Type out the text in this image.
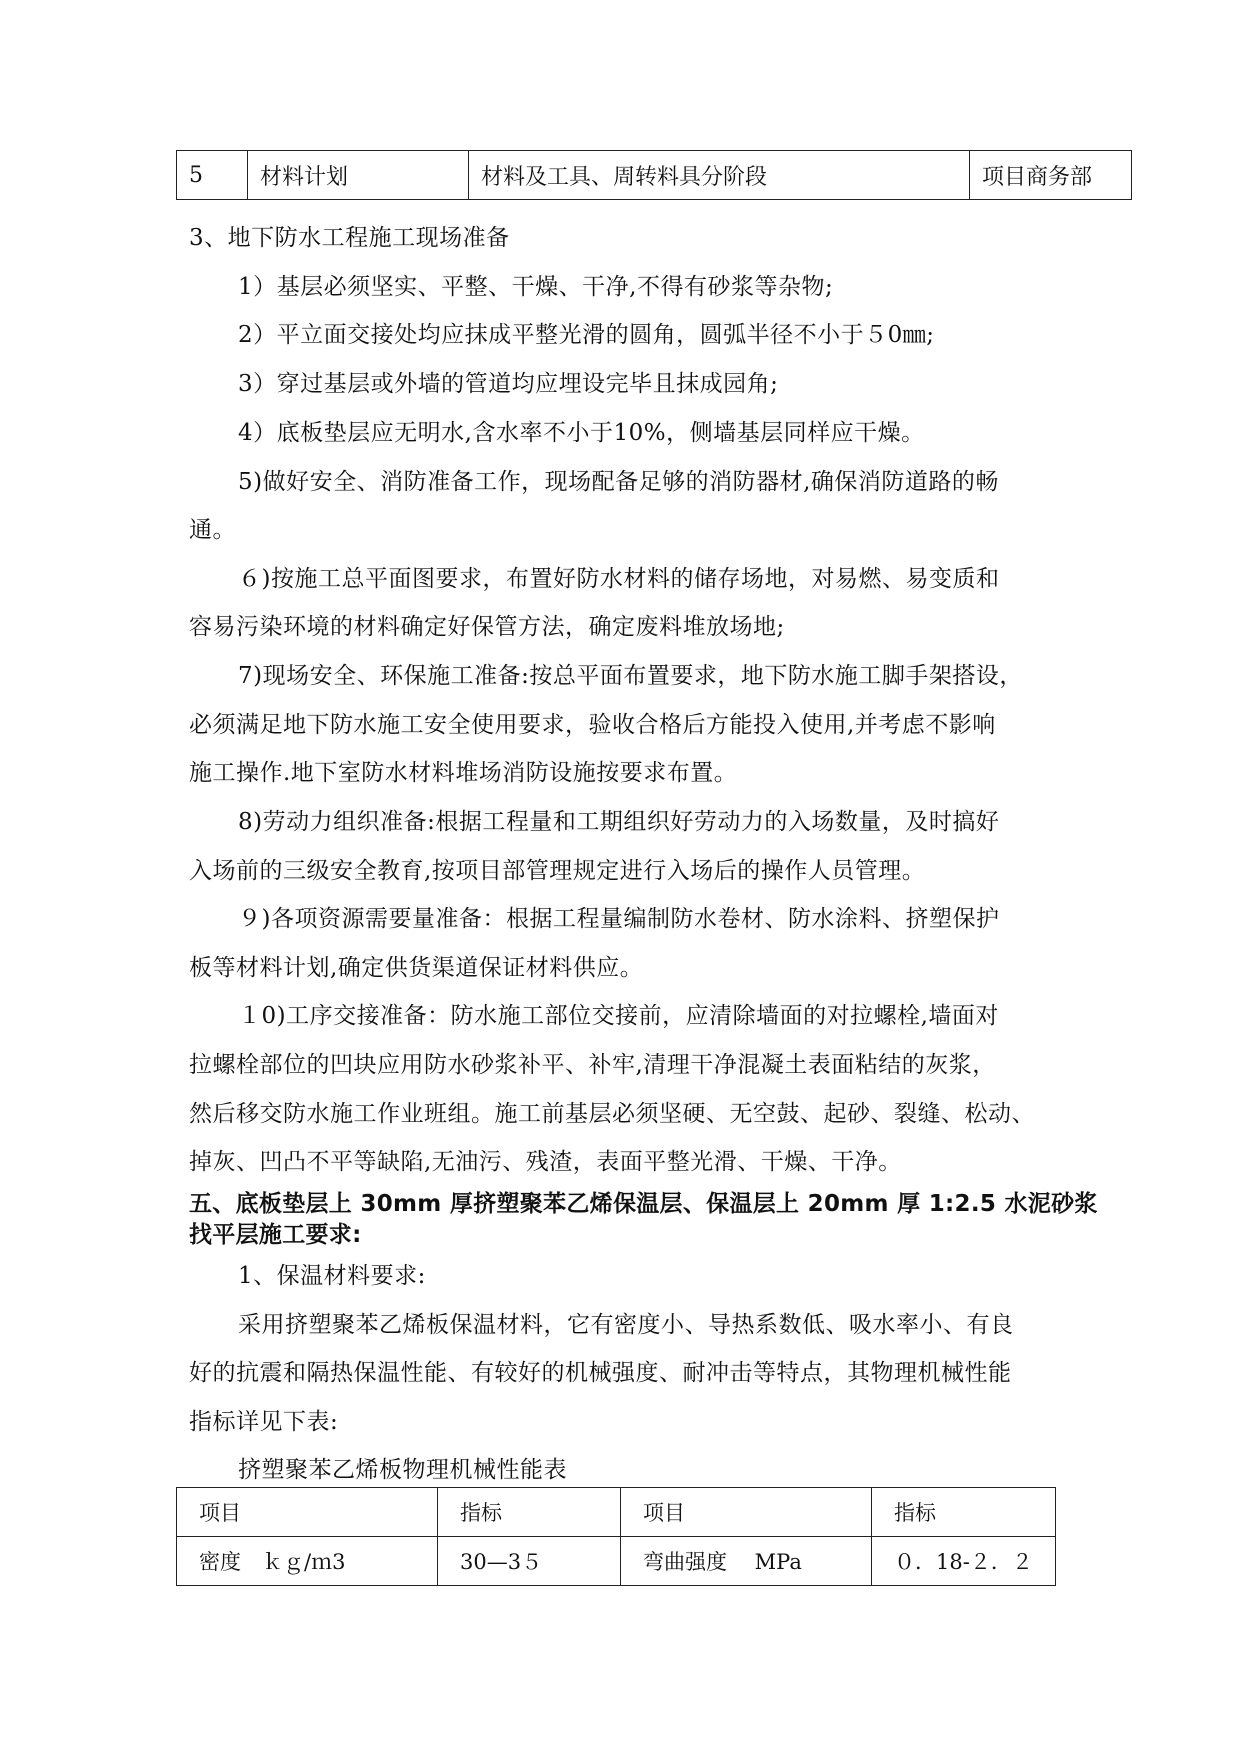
5	材料计划	材料及工具、周转料具分阶段	项目商务部
3、地下防水工程施工现场准备
1）基层必须坚实、平整、干燥、干净,不得有砂浆等杂物;
2）平立面交接处均应抹成平整光滑的圆角，圆弧半径不小于５0㎜;
3）穿过基层或外墙的管道均应埋设完毕且抹成园角;
4）底板垫层应无明水,含水率不小于10%，侧墙基层同样应干燥。
5)做好安全、消防准备工作，现场配备足够的消防器材,确保消防道路的畅
通。
６)按施工总平面图要求，布置好防水材料的储存场地，对易燃、易变质和
容易污染环境的材料确定好保管方法，确定废料堆放场地;
7)现场安全、环保施工准备:按总平面布置要求，地下防水施工脚手架搭设，
必须满足地下防水施工安全使用要求，验收合格后方能投入使用,并考虑不影响
施工操作.地下室防水材料堆场消防设施按要求布置。
8)劳动力组织准备:根据工程量和工期组织好劳动力的入场数量，及时搞好
入场前的三级安全教育,按项目部管理规定进行入场后的操作人员管理。
９)各项资源需要量准备：根据工程量编制防水卷材、防水涂料、挤塑保护
板等材料计划,确定供货渠道保证材料供应。
１0)工序交接准备：防水施工部位交接前，应清除墙面的对拉螺栓,墙面对
拉螺栓部位的凹块应用防水砂浆补平、补牢,清理干净混凝土表面粘结的灰浆，
然后移交防水施工作业班组。施工前基层必须坚硬、无空鼓、起砂、裂缝、松动、
掉灰、凹凸不平等缺陷,无油污、残渣，表面平整光滑、干燥、干净。
五、底板垫层上 30mm 厚挤塑聚苯乙烯保温层、保温层上 20mm 厚 1:2.5 水泥砂浆
找平层施工要求:
1、保温材料要求:
采用挤塑聚苯乙烯板保温材料，它有密度小、导热系数低、吸水率小、有良
好的抗震和隔热保温性能、有较好的机械强度、耐冲击等特点，其物理机械性能
指标详见下表:
挤塑聚苯乙烯板物理机械性能表
项目	指标	项目	指标
密度　ｋｇ/ｍ3	30—3５	弯曲强度　 MPa	０．18-２．２
